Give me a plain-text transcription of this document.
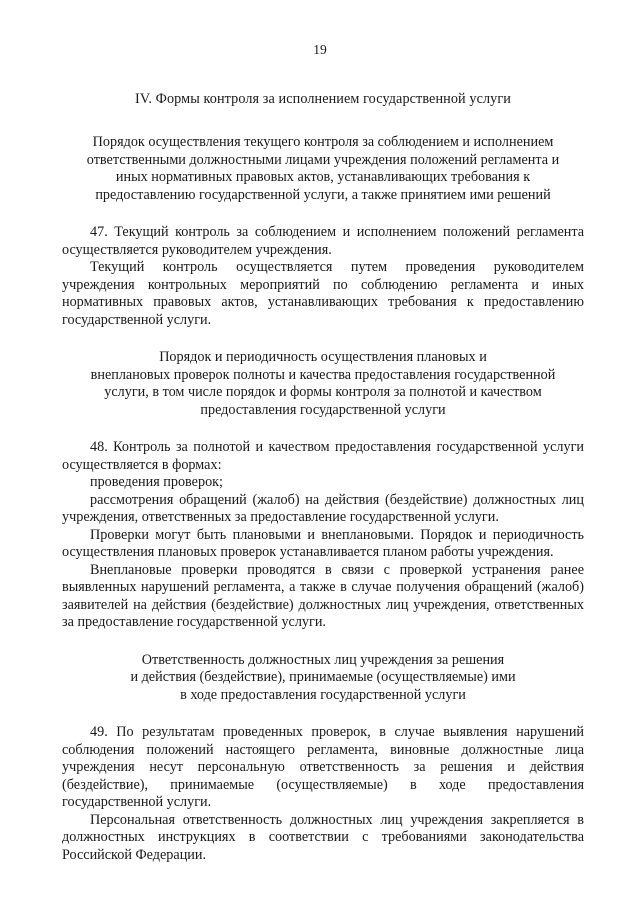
19
IV. Формы контроля за исполнением государственной услуги
Порядок осуществления текущего контроля за соблюдением и исполнением
ответственными должностными лицами учреждения положений регламента и
иных нормативных правовых актов, устанавливающих требования к
предоставлению государственной услуги, а также принятием ими решений

47. Текущий контроль за соблюдением и исполнением положений регламента осуществляется руководителем учреждения.

Текущий контроль осуществляется путем проведения руководителем учреждения контрольных мероприятий по соблюдению регламента и иных нормативных правовых актов, устанавливающих требования к предоставлению государственной услуги.

Порядок и периодичность осуществления плановых и
внеплановых проверок полноты и качества предоставления государственной
услуги, в том числе порядок и формы контроля за полнотой и качеством
предоставления государственной услуги

48. Контроль за полнотой и качеством предоставления государственной услуги осуществляется в формах:

проведения проверок;

рассмотрения обращений (жалоб) на действия (бездействие) должностных лиц учреждения, ответственных за предоставление государственной услуги.

Проверки могут быть плановыми и внеплановыми. Порядок и периодичность осуществления плановых проверок устанавливается планом работы учреждения.

Внеплановые проверки проводятся в связи с проверкой устранения ранее выявленных нарушений регламента, а также в случае получения обращений (жалоб) заявителей на действия (бездействие) должностных лиц учреждения, ответственных за предоставление государственной услуги.

Ответственность должностных лиц учреждения за решения
и действия (бездействие), принимаемые (осуществляемые) ими
в ходе предоставления государственной услуги

49. По результатам проведенных проверок, в случае выявления нарушений соблюдения положений настоящего регламента, виновные должностные лица учреждения несут персональную ответственность за решения и действия (бездействие), принимаемые (осуществляемые) в ходе предоставления государственной услуги.

Персональная ответственность должностных лиц учреждения закрепляется в должностных инструкциях в соответствии с требованиями законодательства Российской Федерации.
